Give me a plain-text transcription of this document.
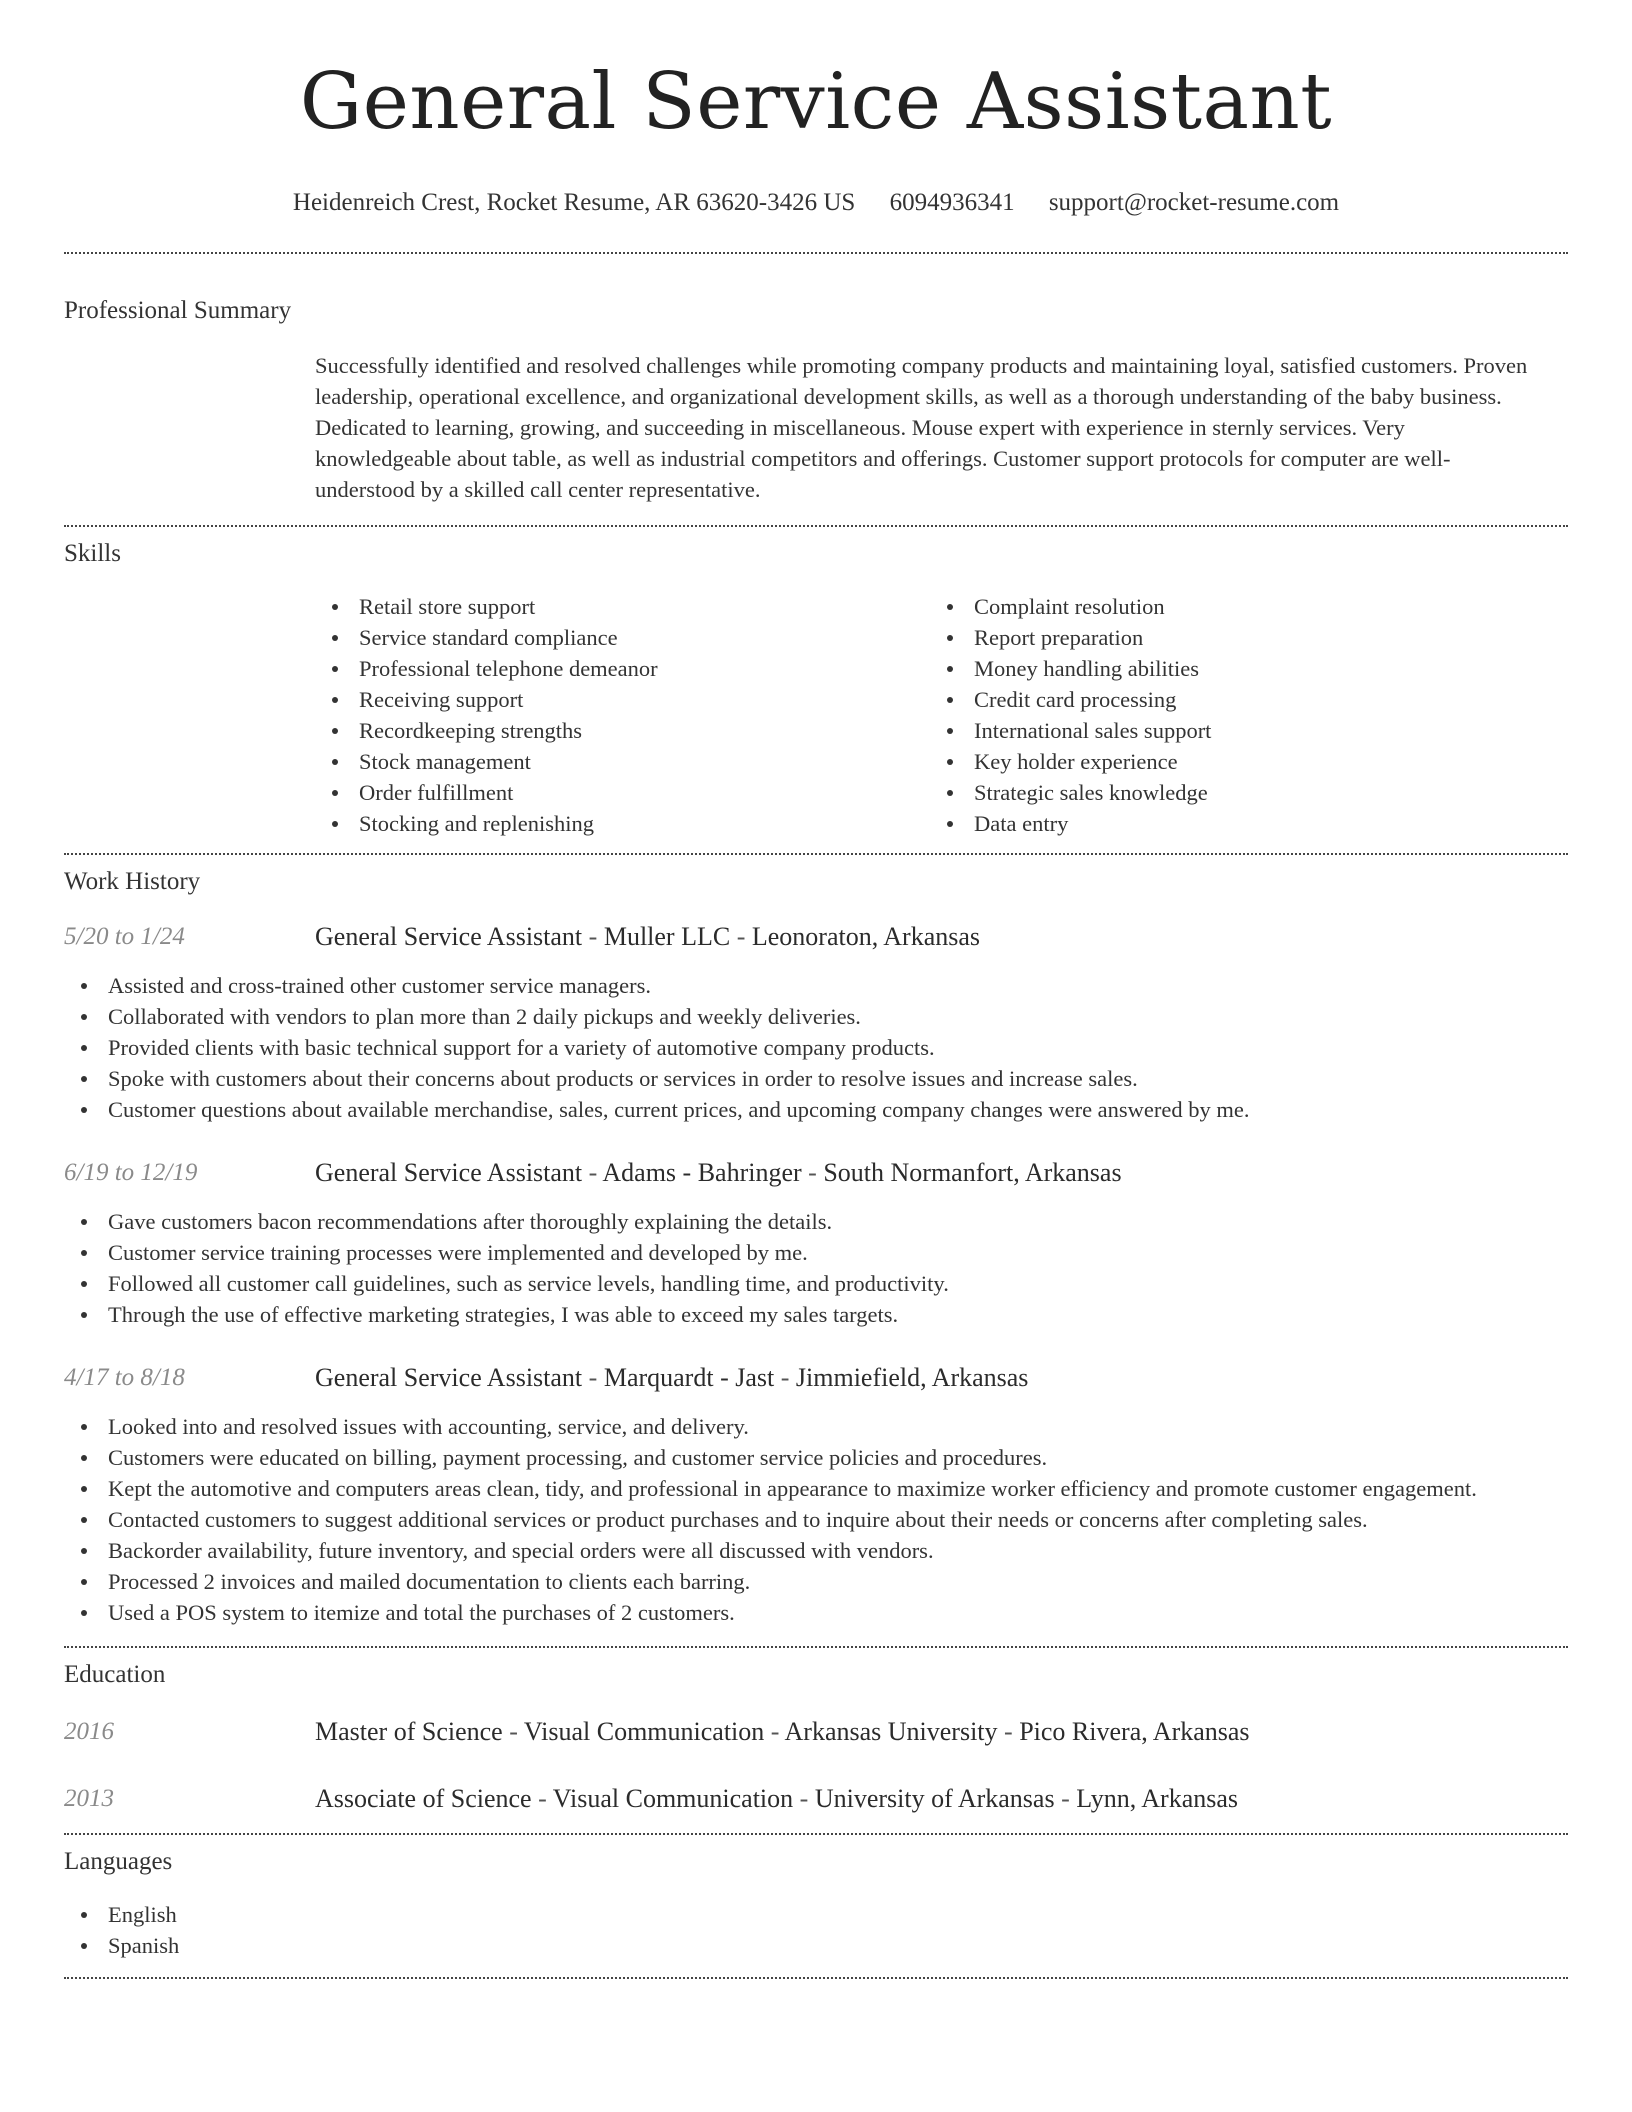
General Service Assistant
Heidenreich Crest, Rocket Resume, AR 63620-3426 US 6094936341 support@rocket-resume.com
Professional Summary
Successfully identified and resolved challenges while promoting company products and maintaining loyal, satisfied customers. Proven leadership, operational excellence, and organizational development skills, as well as a thorough understanding of the baby business. Dedicated to learning, growing, and succeeding in miscellaneous. Mouse expert with experience in sternly services. Very knowledgeable about table, as well as industrial competitors and offerings. Customer support protocols for computer are well-understood by a skilled call center representative.
Skills
Retail store support
Service standard compliance
Professional telephone demeanor
Receiving support
Recordkeeping strengths
Stock management
Order fulfillment
Stocking and replenishing
Complaint resolution
Report preparation
Money handling abilities
Credit card processing
International sales support
Key holder experience
Strategic sales knowledge
Data entry
Work History
5/20 to 1/24	General Service Assistant - Muller LLC - Leonoraton, Arkansas
Assisted and cross-trained other customer service managers.
Collaborated with vendors to plan more than 2 daily pickups and weekly deliveries.
Provided clients with basic technical support for a variety of automotive company products.
Spoke with customers about their concerns about products or services in order to resolve issues and increase sales.
Customer questions about available merchandise, sales, current prices, and upcoming company changes were answered by me.
6/19 to 12/19	General Service Assistant - Adams - Bahringer - South Normanfort, Arkansas
Gave customers bacon recommendations after thoroughly explaining the details.
Customer service training processes were implemented and developed by me.
Followed all customer call guidelines, such as service levels, handling time, and productivity.
Through the use of effective marketing strategies, I was able to exceed my sales targets.
4/17 to 8/18	General Service Assistant - Marquardt - Jast - Jimmiefield, Arkansas
Looked into and resolved issues with accounting, service, and delivery.
Customers were educated on billing, payment processing, and customer service policies and procedures.
Kept the automotive and computers areas clean, tidy, and professional in appearance to maximize worker efficiency and promote customer engagement.
Contacted customers to suggest additional services or product purchases and to inquire about their needs or concerns after completing sales.
Backorder availability, future inventory, and special orders were all discussed with vendors.
Processed 2 invoices and mailed documentation to clients each barring.
Used a POS system to itemize and total the purchases of 2 customers.
Education
2016	Master of Science - Visual Communication - Arkansas University - Pico Rivera, Arkansas
2013	Associate of Science - Visual Communication - University of Arkansas - Lynn, Arkansas
Languages
English
Spanish
